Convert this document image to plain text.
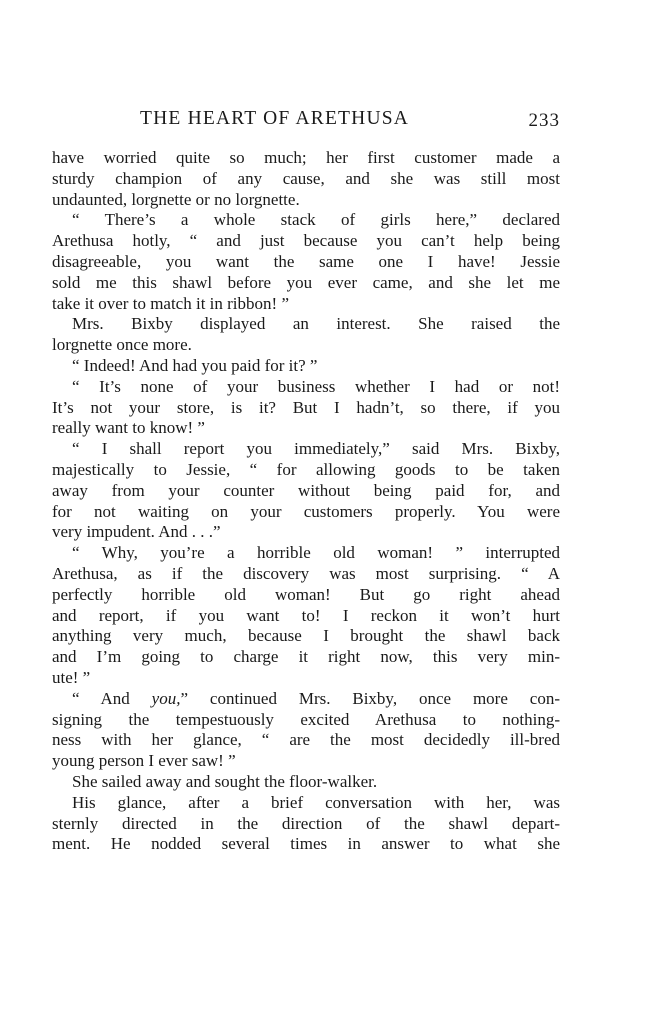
THE HEART OF ARETHUSA	233
have worried quite so much; her first customer made a
sturdy champion of any cause, and she was still most
undaunted, lorgnette or no lorgnette.
“ There’s a whole stack of girls here,” declared
Arethusa hotly, “ and just because you can’t help being
disagreeable, you want the same one I have! Jessie
sold me this shawl before you ever came, and she let me
take it over to match it in ribbon! ”
Mrs. Bixby displayed an interest. She raised the
lorgnette once more.
“ Indeed! And had you paid for it? ”
“ It’s none of your business whether I had or not!
It’s not your store, is it? But I hadn’t, so there, if you
really want to know! ”
“ I shall report you immediately,” said Mrs. Bixby,
majestically to Jessie, “ for allowing goods to be taken
away from your counter without being paid for, and
for not waiting on your customers properly. You were
very impudent. And . . .”
“ Why, you’re a horrible old woman! ” interrupted
Arethusa, as if the discovery was most surprising. “ A
perfectly horrible old woman! But go right ahead
and report, if you want to! I reckon it won’t hurt
anything very much, because I brought the shawl back
and I’m going to charge it right now, this very min-
ute! ”
“ And you,” continued Mrs. Bixby, once more con-
signing the tempestuously excited Arethusa to nothing-
ness with her glance, “ are the most decidedly ill-bred
young person I ever saw! ”
She sailed away and sought the floor-walker.
His glance, after a brief conversation with her, was
sternly directed in the direction of the shawl depart-
ment. He nodded several times in answer to what she
